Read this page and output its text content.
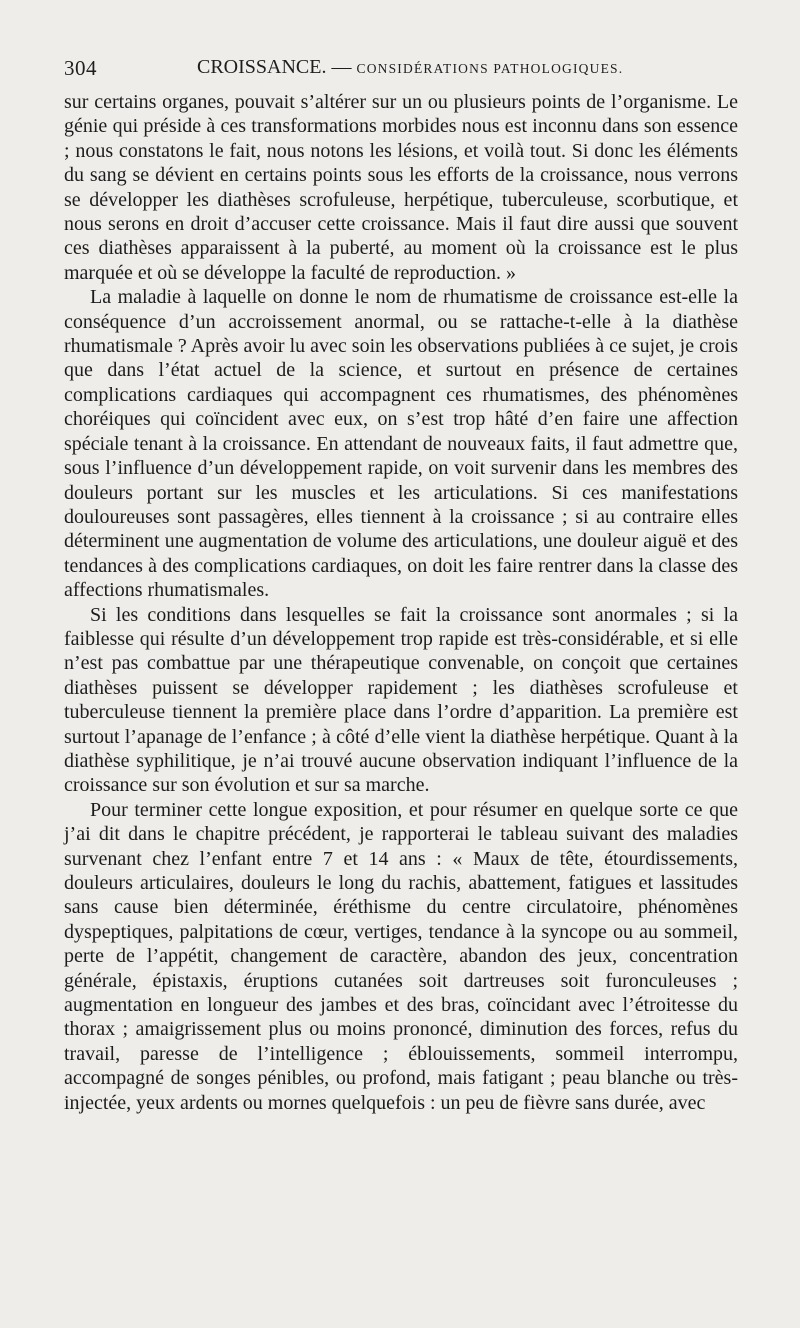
304	CROISSANCE. — CONSIDÉRATIONS PATHOLOGIQUES.

sur certains organes, pouvait s’altérer sur un ou plusieurs points de l’organisme. Le génie qui préside à ces transformations morbides nous est inconnu dans son essence ; nous constatons le fait, nous notons les lésions, et voilà tout. Si donc les éléments du sang se dévient en certains points sous les efforts de la croissance, nous verrons se développer les diathèses scrofuleuse, herpétique, tuberculeuse, scorbutique, et nous serons en droit d’accuser cette croissance. Mais il faut dire aussi que souvent ces diathèses apparaissent à la puberté, au moment où la croissance est le plus marquée et où se développe la faculté de reproduction. »

La maladie à laquelle on donne le nom de rhumatisme de croissance est-elle la conséquence d’un accroissement anormal, ou se rattache-t-elle à la diathèse rhumatismale ? Après avoir lu avec soin les observations publiées à ce sujet, je crois que dans l’état actuel de la science, et surtout en présence de certaines complications cardiaques qui accompagnent ces rhumatismes, des phénomènes choréiques qui coïncident avec eux, on s’est trop hâté d’en faire une affection spéciale tenant à la croissance. En attendant de nouveaux faits, il faut admettre que, sous l’influence d’un développement rapide, on voit survenir dans les membres des douleurs portant sur les muscles et les articulations. Si ces manifestations douloureuses sont passagères, elles tiennent à la croissance ; si au contraire elles déterminent une augmentation de volume des articulations, une douleur aiguë et des tendances à des complications cardiaques, on doit les faire rentrer dans la classe des affections rhumatismales.

Si les conditions dans lesquelles se fait la croissance sont anormales ; si la faiblesse qui résulte d’un développement trop rapide est très-considérable, et si elle n’est pas combattue par une thérapeutique convenable, on conçoit que certaines diathèses puissent se développer rapidement ; les diathèses scrofuleuse et tuberculeuse tiennent la première place dans l’ordre d’apparition. La première est surtout l’apanage de l’enfance ; à côté d’elle vient la diathèse herpétique. Quant à la diathèse syphilitique, je n’ai trouvé aucune observation indiquant l’influence de la croissance sur son évolution et sur sa marche.

Pour terminer cette longue exposition, et pour résumer en quelque sorte ce que j’ai dit dans le chapitre précédent, je rapporterai le tableau suivant des maladies survenant chez l’enfant entre 7 et 14 ans : « Maux de tête, étourdissements, douleurs articulaires, douleurs le long du rachis, abattement, fatigues et lassitudes sans cause bien déterminée, éréthisme du centre circulatoire, phénomènes dyspeptiques, palpitations de cœur, vertiges, tendance à la syncope ou au sommeil, perte de l’appétit, changement de caractère, abandon des jeux, concentration générale, épistaxis, éruptions cutanées soit dartreuses soit furonculeuses ; augmentation en longueur des jambes et des bras, coïncidant avec l’étroitesse du thorax ; amaigrissement plus ou moins prononcé, diminution des forces, refus du travail, paresse de l’intelligence ; éblouissements, sommeil interrompu, accompagné de songes pénibles, ou profond, mais fatigant ; peau blanche ou très-injectée, yeux ardents ou mornes quelquefois : un peu de fièvre sans durée, avec
